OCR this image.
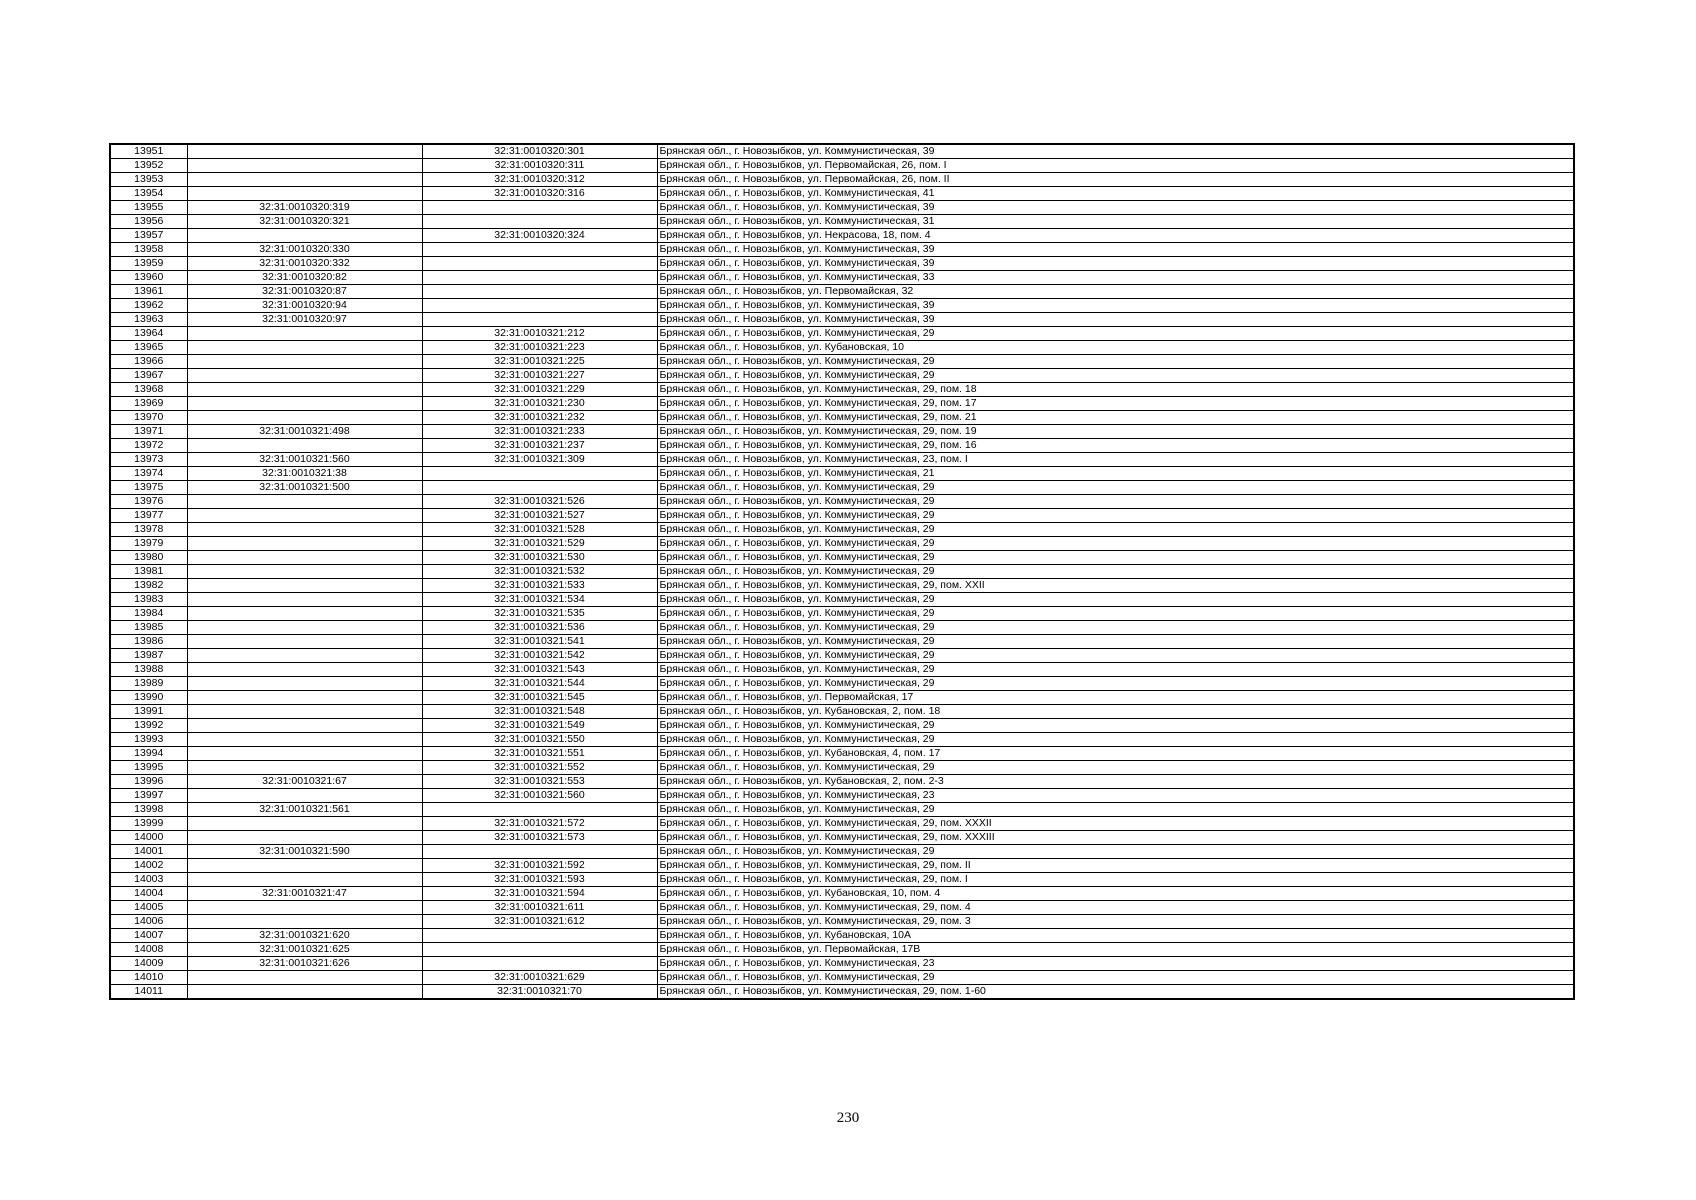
13951		32:31:0010320:301	Брянская обл., г. Новозыбков, ул. Коммунистическая, 39
13952		32:31:0010320:311	Брянская обл., г. Новозыбков, ул. Первомайская, 26, пом. I
13953		32:31:0010320:312	Брянская обл., г. Новозыбков, ул. Первомайская, 26, пом. II
13954		32:31:0010320:316	Брянская обл., г. Новозыбков, ул. Коммунистическая, 41
13955	32:31:0010320:319		Брянская обл., г. Новозыбков, ул. Коммунистическая, 39
13956	32:31:0010320:321		Брянская обл., г. Новозыбков, ул. Коммунистическая, 31
13957		32:31:0010320:324	Брянская обл., г. Новозыбков, ул. Некрасова, 18, пом. 4
13958	32:31:0010320:330		Брянская обл., г. Новозыбков, ул. Коммунистическая, 39
13959	32:31:0010320:332		Брянская обл., г. Новозыбков, ул. Коммунистическая, 39
13960	32:31:0010320:82		Брянская обл., г. Новозыбков, ул. Коммунистическая, 33
13961	32:31:0010320:87		Брянская обл., г. Новозыбков, ул. Первомайская, 32
13962	32:31:0010320:94		Брянская обл., г. Новозыбков, ул. Коммунистическая, 39
13963	32:31:0010320:97		Брянская обл., г. Новозыбков, ул. Коммунистическая, 39
13964		32:31:0010321:212	Брянская обл., г. Новозыбков, ул. Коммунистическая, 29
13965		32:31:0010321:223	Брянская обл., г. Новозыбков, ул. Кубановская, 10
13966		32:31:0010321:225	Брянская обл., г. Новозыбков, ул. Коммунистическая, 29
13967		32:31:0010321:227	Брянская обл., г. Новозыбков, ул. Коммунистическая, 29
13968		32:31:0010321:229	Брянская обл., г. Новозыбков, ул. Коммунистическая, 29, пом. 18
13969		32:31:0010321:230	Брянская обл., г. Новозыбков, ул. Коммунистическая, 29, пом. 17
13970		32:31:0010321:232	Брянская обл., г. Новозыбков, ул. Коммунистическая, 29, пом. 21
13971	32:31:0010321:498	32:31:0010321:233	Брянская обл., г. Новозыбков, ул. Коммунистическая, 29, пом. 19
13972		32:31:0010321:237	Брянская обл., г. Новозыбков, ул. Коммунистическая, 29, пом. 16
13973	32:31:0010321:560	32:31:0010321:309	Брянская обл., г. Новозыбков, ул. Коммунистическая, 23, пом. I
13974	32:31:0010321:38		Брянская обл., г. Новозыбков, ул. Коммунистическая, 21
13975	32:31:0010321:500		Брянская обл., г. Новозыбков, ул. Коммунистическая, 29
13976		32:31:0010321:526	Брянская обл., г. Новозыбков, ул. Коммунистическая, 29
13977		32:31:0010321:527	Брянская обл., г. Новозыбков, ул. Коммунистическая, 29
13978		32:31:0010321:528	Брянская обл., г. Новозыбков, ул. Коммунистическая, 29
13979		32:31:0010321:529	Брянская обл., г. Новозыбков, ул. Коммунистическая, 29
13980		32:31:0010321:530	Брянская обл., г. Новозыбков, ул. Коммунистическая, 29
13981		32:31:0010321:532	Брянская обл., г. Новозыбков, ул. Коммунистическая, 29
13982		32:31:0010321:533	Брянская обл., г. Новозыбков, ул. Коммунистическая, 29, пом. XXII
13983		32:31:0010321:534	Брянская обл., г. Новозыбков, ул. Коммунистическая, 29
13984		32:31:0010321:535	Брянская обл., г. Новозыбков, ул. Коммунистическая, 29
13985		32:31:0010321:536	Брянская обл., г. Новозыбков, ул. Коммунистическая, 29
13986		32:31:0010321:541	Брянская обл., г. Новозыбков, ул. Коммунистическая, 29
13987		32:31:0010321:542	Брянская обл., г. Новозыбков, ул. Коммунистическая, 29
13988		32:31:0010321:543	Брянская обл., г. Новозыбков, ул. Коммунистическая, 29
13989		32:31:0010321:544	Брянская обл., г. Новозыбков, ул. Коммунистическая, 29
13990		32:31:0010321:545	Брянская обл., г. Новозыбков, ул. Первомайская, 17
13991		32:31:0010321:548	Брянская обл., г. Новозыбков, ул. Кубановская, 2, пом. 18
13992		32:31:0010321:549	Брянская обл., г. Новозыбков, ул. Коммунистическая, 29
13993		32:31:0010321:550	Брянская обл., г. Новозыбков, ул. Коммунистическая, 29
13994		32:31:0010321:551	Брянская обл., г. Новозыбков, ул. Кубановская, 4, пом. 17
13995		32:31:0010321:552	Брянская обл., г. Новозыбков, ул. Коммунистическая, 29
13996	32:31:0010321:67	32:31:0010321:553	Брянская обл., г. Новозыбков, ул. Кубановская, 2, пом. 2-3
13997		32:31:0010321:560	Брянская обл., г. Новозыбков, ул. Коммунистическая, 23
13998	32:31:0010321:561		Брянская обл., г. Новозыбков, ул. Коммунистическая, 29
13999		32:31:0010321:572	Брянская обл., г. Новозыбков, ул. Коммунистическая, 29, пом. XXXII
14000		32:31:0010321:573	Брянская обл., г. Новозыбков, ул. Коммунистическая, 29, пом. XXXIII
14001	32:31:0010321:590		Брянская обл., г. Новозыбков, ул. Коммунистическая, 29
14002		32:31:0010321:592	Брянская обл., г. Новозыбков, ул. Коммунистическая, 29, пом. II
14003		32:31:0010321:593	Брянская обл., г. Новозыбков, ул. Коммунистическая, 29, пом. I
14004	32:31:0010321:47	32:31:0010321:594	Брянская обл., г. Новозыбков, ул. Кубановская, 10, пом. 4
14005		32:31:0010321:611	Брянская обл., г. Новозыбков, ул. Коммунистическая, 29, пом. 4
14006		32:31:0010321:612	Брянская обл., г. Новозыбков, ул. Коммунистическая, 29, пом. 3
14007	32:31:0010321:620		Брянская обл., г. Новозыбков, ул. Кубановская, 10А
14008	32:31:0010321:625		Брянская обл., г. Новозыбков, ул. Первомайская, 17В
14009	32:31:0010321:626		Брянская обл., г. Новозыбков, ул. Коммунистическая, 23
14010		32:31:0010321:629	Брянская обл., г. Новозыбков, ул. Коммунистическая, 29
14011		32:31:0010321:70	Брянская обл., г. Новозыбков, ул. Коммунистическая, 29, пом. 1-60
230
